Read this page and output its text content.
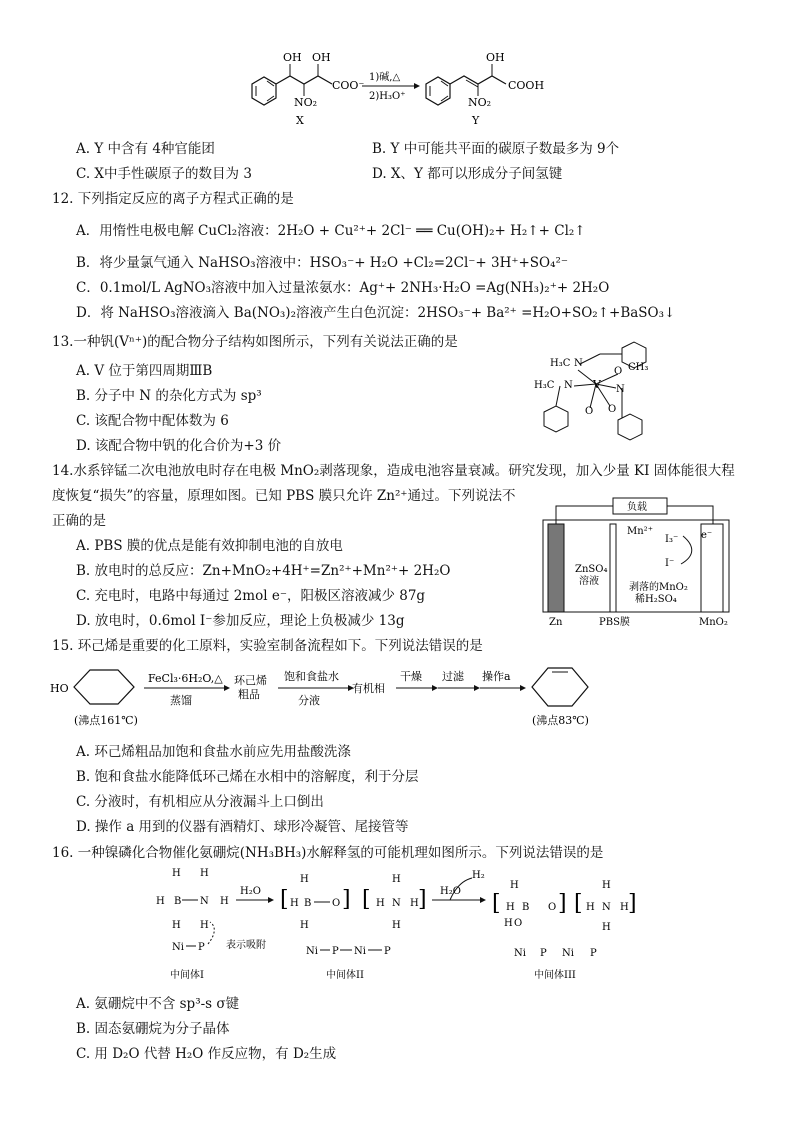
OH OH
NO₂
COO⁻
1)碱,△
2)H₃O⁺
OH
NO₂
COOH
X	Y
A. Y 中含有 4种官能团	B. Y 中可能共平面的碳原子数最多为 9个
C. X中手性碳原子的数目为 3	D. X、Y 都可以形成分子间氢键
12. 下列指定反应的离子方程式正确的是
A．用惰性电极电解 CuCl₂溶液：2H₂O + Cu²⁺+ 2Cl⁻ ══ Cu(OH)₂+ H₂↑+ Cl₂↑
B．将少量氯气通入 NaHSO₃溶液中：HSO₃⁻+ H₂O +Cl₂=2Cl⁻+ 3H⁺+SO₄²⁻
C．0.1mol/L AgNO₃溶液中加入过量浓氨水：Ag⁺+ 2NH₃·H₂O =Ag(NH₃)₂⁺+ 2H₂O
D．将 NaHSO₃溶液滴入 Ba(NO₃)₂溶液产生白色沉淀：2HSO₃⁻+ Ba²⁺ =H₂O+SO₂↑+BaSO₃↓
13.一种钒(Vⁿ⁺)的配合物分子结构如图所示，下列有关说法正确的是
A. V 位于第四周期ⅢB
B. 分子中 N 的杂化方式为 sp³
C. 该配合物中配体数为 6
D. 该配合物中钒的化合价为+3 价
H₃C N
O CH₃
H₃C N V N
O O
14.水系锌锰二次电池放电时存在电极 MnO₂剥落现象，造成电池容量衰减。研究发现，加入少量 KI 固体能很大程
度恢复“损失”的容量，原理如图。已知 PBS 膜只允许 Zn²⁺通过。下列说法不
正确的是
A. PBS 膜的优点是能有效抑制电池的自放电
B. 放电时的总反应：Zn+MnO₂+4H⁺=Zn²⁺+Mn²⁺+ 2H₂O
C. 充电时，电路中每通过 2mol e⁻，阳极区溶液减少 87g
D. 放电时，0.6mol I⁻参加反应，理论上负极减少 13g
负载
ZnSO₄
溶液
Mn²⁺
I₃⁻
I⁻
e⁻
剥落的MnO₂
稀H₂SO₄
Zn	PBS膜	MnO₂
15. 环己烯是重要的化工原料，实验室制备流程如下。下列说法错误的是
HO
FeCl₃·6H₂O,△
蒸馏
环己烯
粗品
饱和食盐水
分液
有机相
干燥 过滤 操作a
(沸点161℃)	(沸点83℃)
A. 环己烯粗品加饱和食盐水前应先用盐酸洗涤
B. 饱和食盐水能降低环己烯在水相中的溶解度，利于分层
C. 分液时，有机相应从分液漏斗上口倒出
D. 操作 a 用到的仪器有酒精灯、球形冷凝管、尾接管等
16. 一种镍磷化合物催化氨硼烷(NH₃BH₃)水解释氢的可能机理如图所示。下列说法错误的是
H H
H B N H
H H
Ni P 表示吸附
中间体I
H₂O [
H
B O
H
H
] [ H N H
H
H
]
Ni P Ni P
中间体II
H₂O
H₂
[
H
B O
H
H O
] [ H N H
H
H
]
Ni P Ni P
中间体III
A. 氨硼烷中不含 sp³-s σ键
B. 固态氨硼烷为分子晶体
C. 用 D₂O 代替 H₂O 作反应物，有 D₂生成
